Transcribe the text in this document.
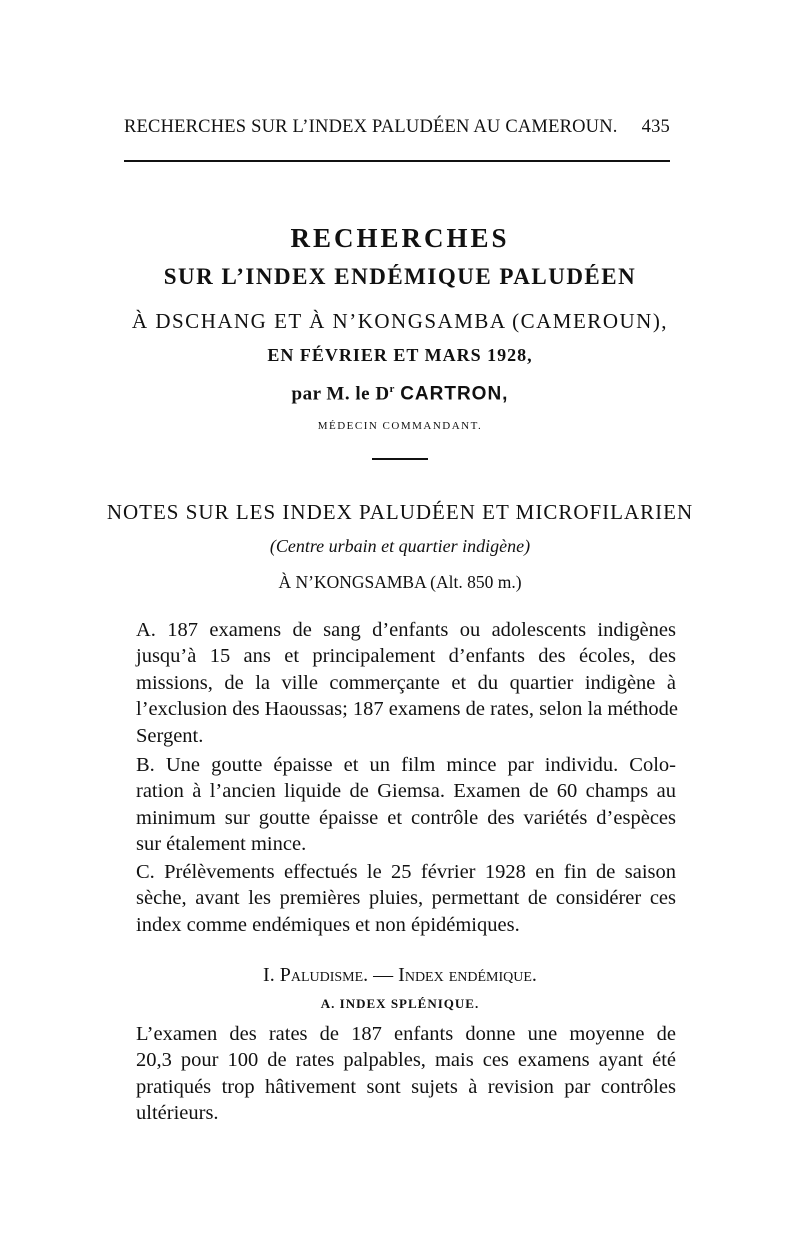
RECHERCHES SUR L’INDEX PALUDÉEN AU CAMEROUN. 435
RECHERCHES
SUR L’INDEX ENDÉMIQUE PALUDÉEN
À DSCHANG ET À N’KONGSAMBA (CAMEROUN),
EN FÉVRIER ET MARS 1928,
par M. le $D^r$ CARTRON,
MÉDECIN COMMANDANT.
NOTES SUR LES INDEX PALUDÉEN ET MICROFILARIEN
(Centre urbain et quartier indigène)
À N’KONGSAMBA (Alt. 850 m.)
A. 187 examens de sang d’enfants ou adolescents indigènes
jusqu’à 15 ans et principalement d’enfants des écoles, des
missions, de la ville commerçante et du quartier indigène à
l’exclusion des Haoussas; 187 examens de rates, selon la méthode
Sergent.
B. Une goutte épaisse et un film mince par individu. Colo-
ration à l’ancien liquide de Giemsa. Examen de 60 champs au
minimum sur goutte épaisse et contrôle des variétés d’espèces
sur étalement mince.
C. Prélèvements effectués le 25 février 1928 en fin de saison
sèche, avant les premières pluies, permettant de considérer ces
index comme endémiques et non épidémiques.
I. Paludisme. — Index endémique.
A. INDEX SPLÉNIQUE.
L’examen des rates de 187 enfants donne une moyenne de
20,3 pour 100 de rates palpables, mais ces examens ayant été
pratiqués trop hâtivement sont sujets à revision par contrôles
ultérieurs.
